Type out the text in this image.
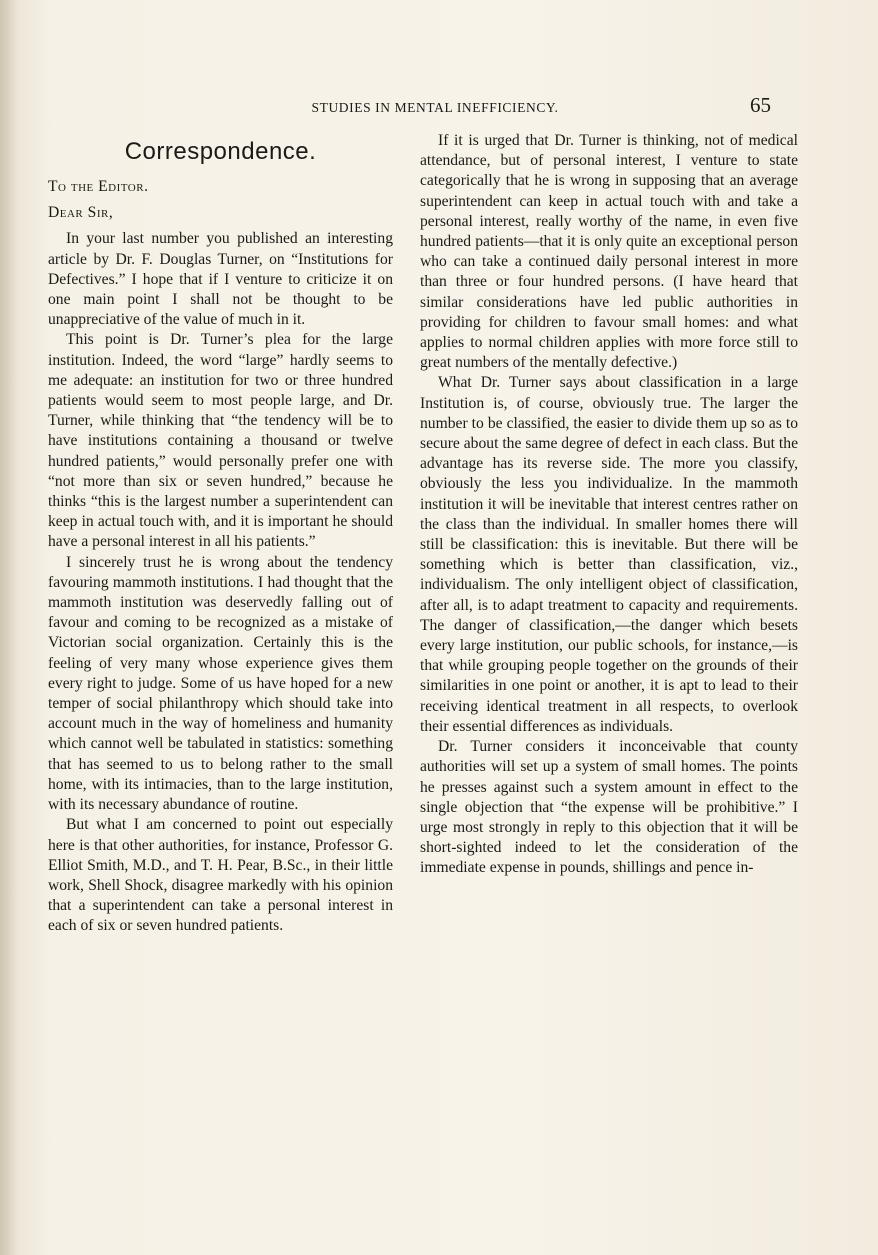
STUDIES IN MENTAL INEFFICIENCY.	65
Correspondence.
To the Editor.
Dear Sir,

In your last number you published an interesting article by Dr. F. Douglas Turner, on “Institutions for Defectives.” I hope that if I venture to criticize it on one main point I shall not be thought to be unappreciative of the value of much in it.

This point is Dr. Turner’s plea for the large institution. Indeed, the word “large” hardly seems to me adequate: an institution for two or three hundred patients would seem to most people large, and Dr. Turner, while thinking that “the tendency will be to have institutions containing a thousand or twelve hundred patients,” would personally prefer one with “not more than six or seven hundred,” because he thinks “this is the largest number a superintendent can keep in actual touch with, and it is important he should have a personal interest in all his patients.”

I sincerely trust he is wrong about the tendency favouring mammoth institutions. I had thought that the mammoth institution was deservedly falling out of favour and coming to be recognized as a mistake of Victorian social organization. Certainly this is the feeling of very many whose experience gives them every right to judge. Some of us have hoped for a new temper of social philanthropy which should take into account much in the way of homeliness and humanity which cannot well be tabulated in statistics: something that has seemed to us to belong rather to the small home, with its intimacies, than to the large institution, with its necessary abundance of routine.

But what I am concerned to point out especially here is that other authorities, for instance, Professor G. Elliot Smith, M.D., and T. H. Pear, B.Sc., in their little work, Shell Shock, disagree markedly with his opinion that a superintendent can take a personal interest in each of six or seven hundred patients.

If it is urged that Dr. Turner is thinking, not of medical attendance, but of personal interest, I venture to state categorically that he is wrong in supposing that an average superintendent can keep in actual touch with and take a personal interest, really worthy of the name, in even five hundred patients—that it is only quite an exceptional person who can take a continued daily personal interest in more than three or four hundred persons. (I have heard that similar considerations have led public authorities in providing for children to favour small homes: and what applies to normal children applies with more force still to great numbers of the mentally defective.)

What Dr. Turner says about classification in a large Institution is, of course, obviously true. The larger the number to be classified, the easier to divide them up so as to secure about the same degree of defect in each class. But the advantage has its reverse side. The more you classify, obviously the less you individualize. In the mammoth institution it will be inevitable that interest centres rather on the class than the individual. In smaller homes there will still be classification: this is inevitable. But there will be something which is better than classification, viz., individualism. The only intelligent object of classification, after all, is to adapt treatment to capacity and requirements. The danger of classification,—the danger which besets every large institution, our public schools, for instance,—is that while grouping people together on the grounds of their similarities in one point or another, it is apt to lead to their receiving identical treatment in all respects, to overlook their essential differences as individuals.

Dr. Turner considers it inconceivable that county authorities will set up a system of small homes. The points he presses against such a system amount in effect to the single objection that “the expense will be prohibitive.” I urge most strongly in reply to this objection that it will be short-sighted indeed to let the consideration of the immediate expense in pounds, shillings and pence in-
